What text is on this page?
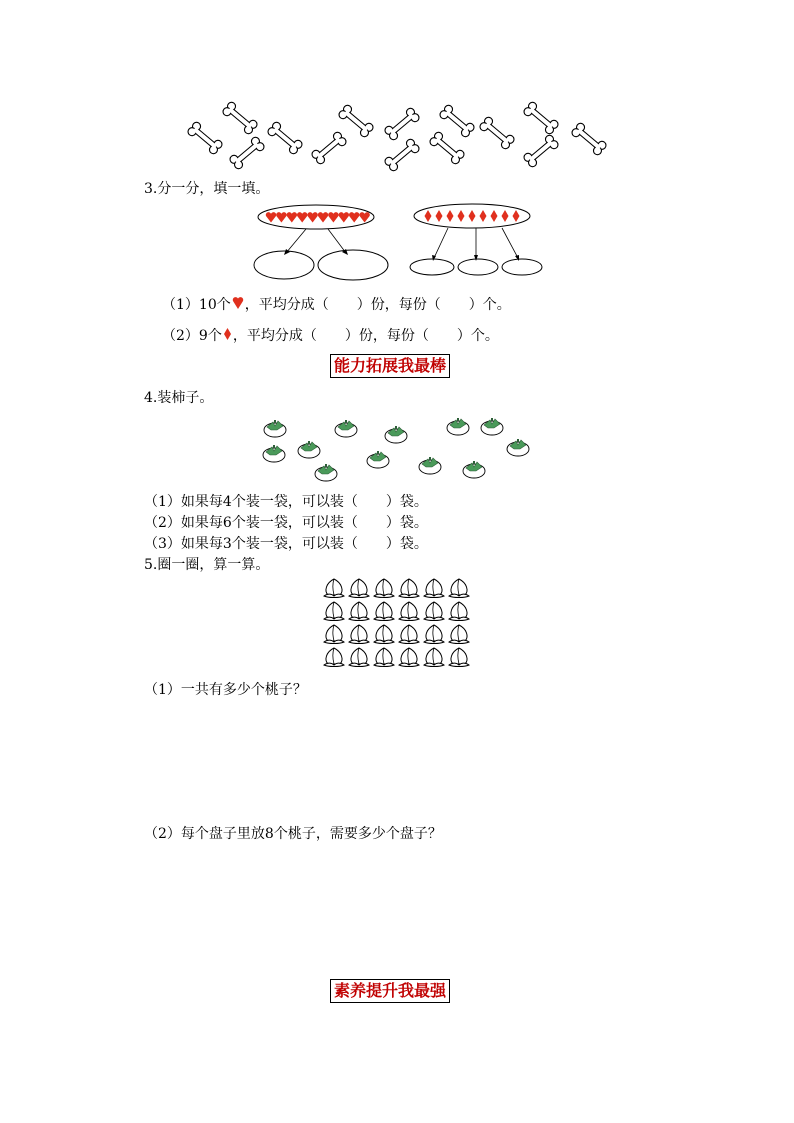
3.分一分，填一填。
（1）10个 ，平均分成（　　）份，每份（　　）个。
（2）9个 ，平均分成（　　）份，每份（　　）个。
能力拓展我最棒
4.装柿子。
（1）如果每4个装一袋，可以装（　　）袋。
（2）如果每6个装一袋，可以装（　　）袋。
（3）如果每3个装一袋，可以装（　　）袋。
5.圈一圈，算一算。
（1）一共有多少个桃子？
（2）每个盘子里放8个桃子，需要多少个盘子？
素养提升我最强
